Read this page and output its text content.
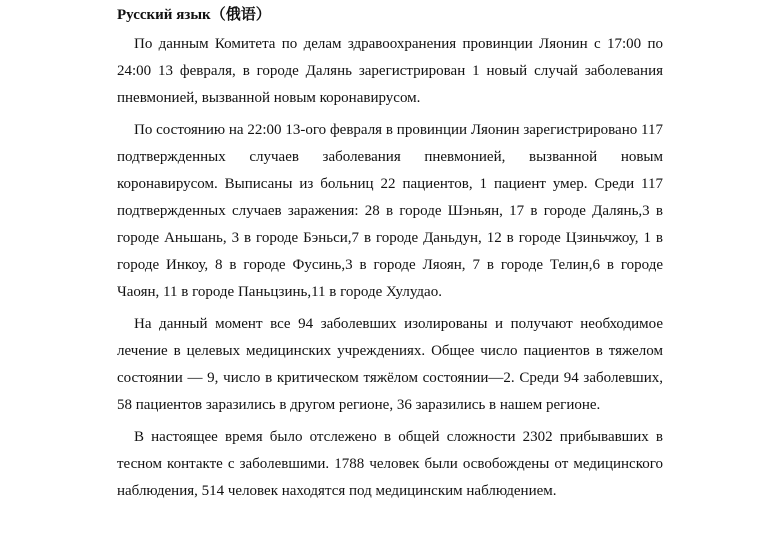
Русский язык（俄语）

По данным Комитета по делам здравоохранения провинции Ляонин с 17:00 по 24:00 13 февраля, в городе Далянь зарегистрирован 1 новый случай заболевания пневмонией, вызванной новым коронавирусом.

По состоянию на 22:00 13-ого февраля в провинции Ляонин зарегистрировано 117 подтвержденных случаев заболевания пневмонией, вызванной новым коронавирусом. Выписаны из больниц 22 пациентов, 1 пациент умер. Среди 117 подтвержденных случаев заражения: 28 в городе Шэньян, 17 в городе Далянь,3 в городе Аньшань, 3 в городе Бэньси,7 в городе Даньдун, 12 в городе Цзиньчжоу, 1 в городе Инкоу, 8 в городе Фусинь,3 в городе Ляоян, 7 в городе Телин,6 в городе Чаоян, 11 в городе Паньцзинь,11 в городе Хулудао.

На данный момент все 94 заболевших изолированы и получают необходимое лечение в целевых медицинских учреждениях. Общее число пациентов в тяжелом состоянии — 9, число в критическом тяжёлом состоянии—2. Среди 94 заболевших, 58 пациентов заразились в другом регионе, 36 заразились в нашем регионе.

В настоящее время было отслежено в общей сложности 2302 прибывавших в тесном контакте с заболевшими. 1788 человек были освобождены от медицинского наблюдения, 514 человек находятся под медицинским наблюдением.
